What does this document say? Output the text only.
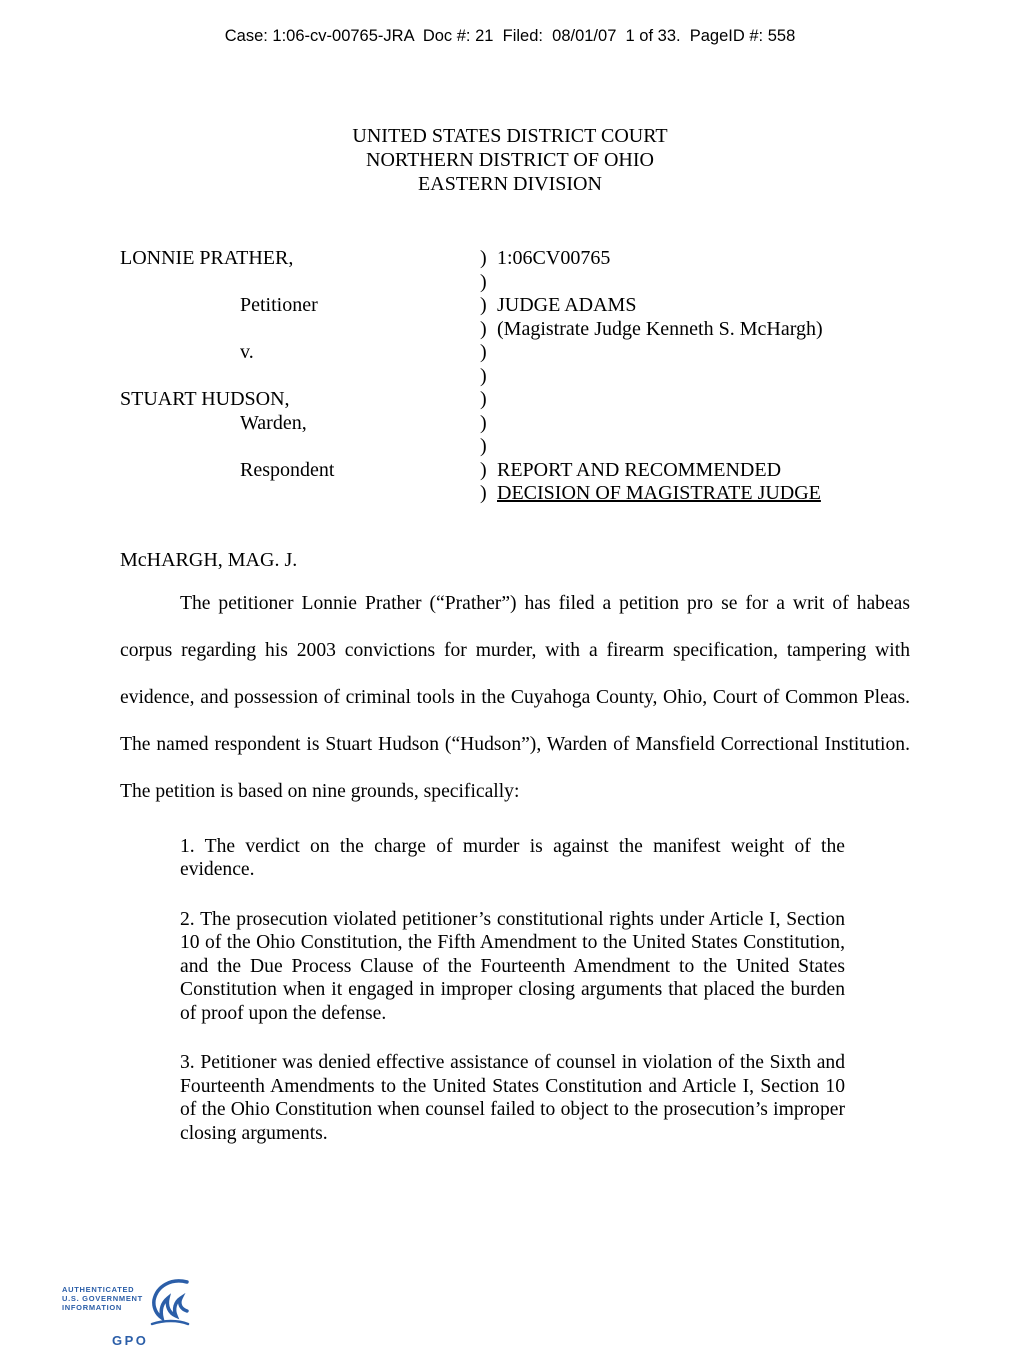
Case: 1:06-cv-00765-JRA  Doc #: 21  Filed:  08/01/07  1 of 33.  PageID #: 558
UNITED STATES DISTRICT COURT
NORTHERN DISTRICT OF OHIO
EASTERN DIVISION
LONNIE PRATHER,	) 1:06CV00765
)
Petitioner	) JUDGE ADAMS
) (Magistrate Judge Kenneth S. McHargh)
v.	)
)
STUART HUDSON,	)
Warden,	)
)
Respondent	) REPORT AND RECOMMENDED
) DECISION OF MAGISTRATE JUDGE
McHARGH, MAG. J.
The petitioner Lonnie Prather (“Prather”) has filed a petition pro se for a writ of habeas corpus regarding his 2003 convictions for murder, with a firearm specification, tampering with evidence, and possession of criminal tools in the Cuyahoga County, Ohio, Court of Common Pleas. The named respondent is Stuart Hudson (“Hudson”), Warden of Mansfield Correctional Institution. The petition is based on nine grounds, specifically:
1. The verdict on the charge of murder is against the manifest weight of the evidence.
2. The prosecution violated petitioner’s constitutional rights under Article I, Section 10 of the Ohio Constitution, the Fifth Amendment to the United States Constitution, and the Due Process Clause of the Fourteenth Amendment to the United States Constitution when it engaged in improper closing arguments that placed the burden of proof upon the defense.
3. Petitioner was denied effective assistance of counsel in violation of the Sixth and Fourteenth Amendments to the United States Constitution and Article I, Section 10 of the Ohio Constitution when counsel failed to object to the prosecution’s improper closing arguments.
AUTHENTICATED
U.S. GOVERNMENT
INFORMATION
GPO
